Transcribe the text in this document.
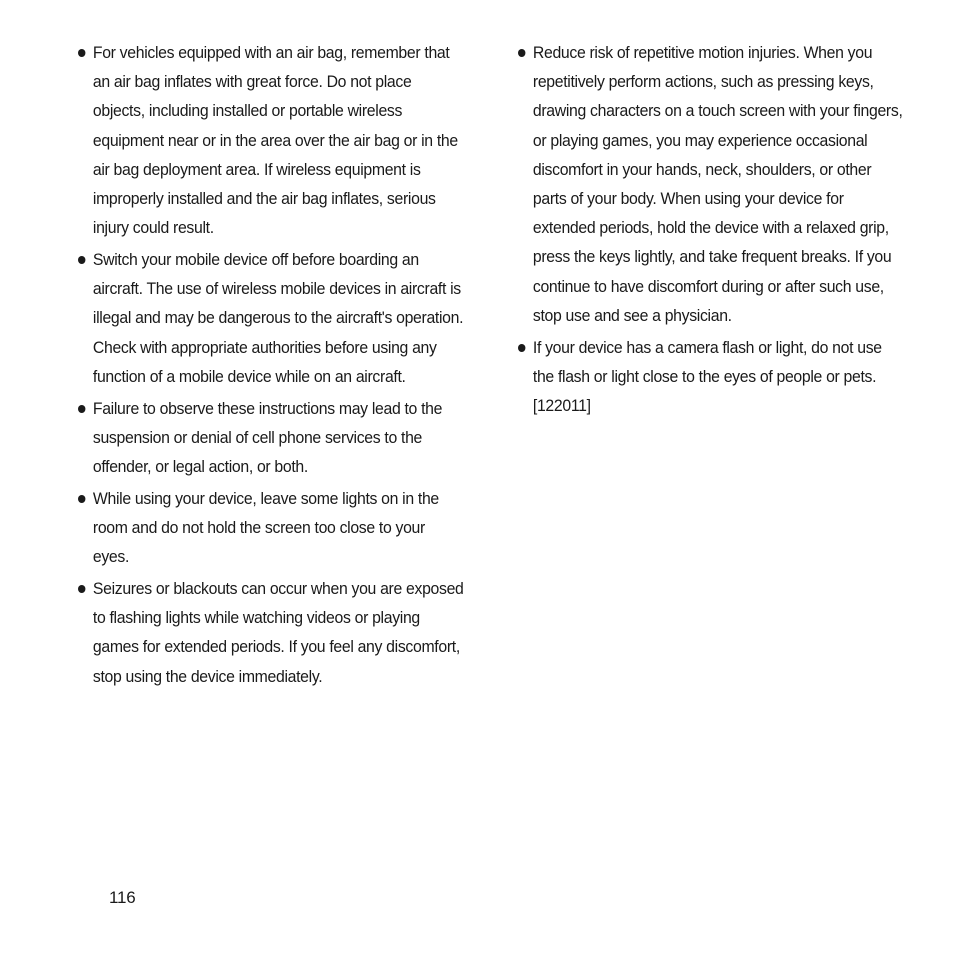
For vehicles equipped with an air bag, remember that an air bag inflates with great force. Do not place objects, including installed or portable wireless equipment near or in the area over the air bag or in the air bag deployment area. If wireless equipment is improperly installed and the air bag inflates, serious injury could result.
Switch your mobile device off before boarding an aircraft. The use of wireless mobile devices in aircraft is illegal and may be dangerous to the aircraft's operation. Check with appropriate authorities before using any function of a mobile device while on an aircraft.
Failure to observe these instructions may lead to the suspension or denial of cell phone services to the offender, or legal action, or both.
While using your device, leave some lights on in the room and do not hold the screen too close to your eyes.
Seizures or blackouts can occur when you are exposed to flashing lights while watching videos or playing games for extended periods. If you feel any discomfort, stop using the device immediately.
Reduce risk of repetitive motion injuries. When you repetitively perform actions, such as pressing keys, drawing characters on a touch screen with your fingers, or playing games, you may experience occasional discomfort in your hands, neck, shoulders, or other parts of your body. When using your device for extended periods, hold the device with a relaxed grip, press the keys lightly, and take frequent breaks. If you continue to have discomfort during or after such use, stop use and see a physician.
If your device has a camera flash or light, do not use the flash or light close to the eyes of people or pets. [122011]
116
